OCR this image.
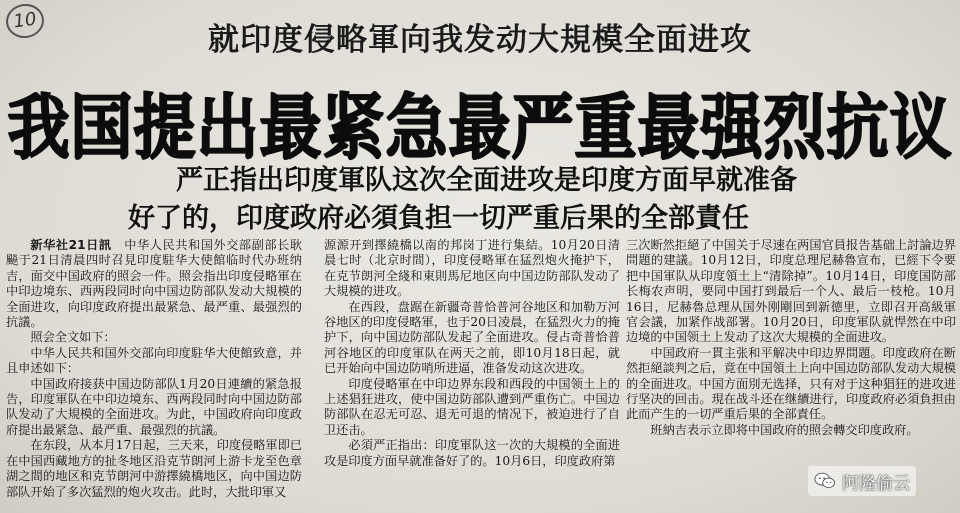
10
就印度侵略軍向我发动大規模全面进攻
我国提出最紧急最严重最强烈抗议
严正指出印度軍队这次全面进攻是印度方面早就准备
好了的，印度政府必須負担一切严重后果的全部責任

新华社21日訊　 中华人民共和国外交部副部长耿飈于21日清晨四时召見印度駐华大使館临时代办班纳吉，面交中国政府的照会一件。照会指出印度侵略軍在中印边境东、西两段同时向中国边防部队发动大規模的全面进攻，向印度政府提出最紧急、最严重、最强烈的抗議。

照会全文如下：

中华人民共和国外交部向印度駐华大使館致意，并且申述如下：

中国政府接获中国边防部队1月20日連續的紧急报告，印度軍队在中印边境东、西两段同时向中国边防部队发动了大規模的全面进攻。为此，中国政府向印度政府提出最紧急、最严重、最强烈的抗議。

在东段，从本月17日起，三天来，印度侵略軍即已在中国西藏地方的扯冬地区沿克节朗河上游卡龙至色章湖之間的地区和克节朗河中游擇繞橋地区，向中国边防部队开始了多次猛烈的炮火攻击。此时，大批印軍又

源源开到擇繞橋以南的邦岗丁进行集結。10月20日清晨七时（北京时間），印度侵略軍在猛烈炮火掩护下，在克节朗河全綫和東則馬尼地区向中国边防部队发动了大規模的进攻。

在西段，盘踞在新疆奇普恰普河谷地区和加勒万河谷地区的印度侵略軍，也于20日凌晨，在猛烈火力的掩护下，向中国边防部队发起了全面进攻。侵占奇普恰普河谷地区的印度軍队在两天之前，即10月18日起，就已开始向中国边防哨所进逼，准备发动这次进攻。

印度侵略軍在中印边界东段和西段的中国领土上的上述猖狂进攻，使中国边防部队遭到严重伤亡。中国边防部队在忍无可忍、退无可退的情况下，被迫进行了自卫还击。

必須严正指出：印度軍队这一次的大規模的全面进攻是印度方面早就准备好了的。10月6日，印度政府第

三次断然拒絕了中国关于尽速在两国官員报告基础上討論边界問題的建議。10月12日，印度总理尼赫魯宣布，已經下令要把中国軍队从印度領土上“清除掉”。10月14日，印度国防部长梅农声明，要同中国打到最后一个人、最后一枝枪。10月16日，尼赫魯总理从国外刚剛回到新德里，立即召开高級軍官会議，加紧作战部署。10月20日，印度軍队就悍然在中印边境的中国领土上发动了这次大規模的全面进攻。

中国政府一貫主张和平解决中印边界問題。印度政府在断然拒絕談判之后，竟在中国領土上向中国边防部队发动大規模的全面进攻。中国方面別无选择，只有对于这种猖狂的进攻进行坚决的回击。現在战斗还在继續进行，印度政府必須負担由此而产生的一切严重后果的全部責任。

班納吉表示立即将中国政府的照会轉交印度政府。

阿隆偷云
